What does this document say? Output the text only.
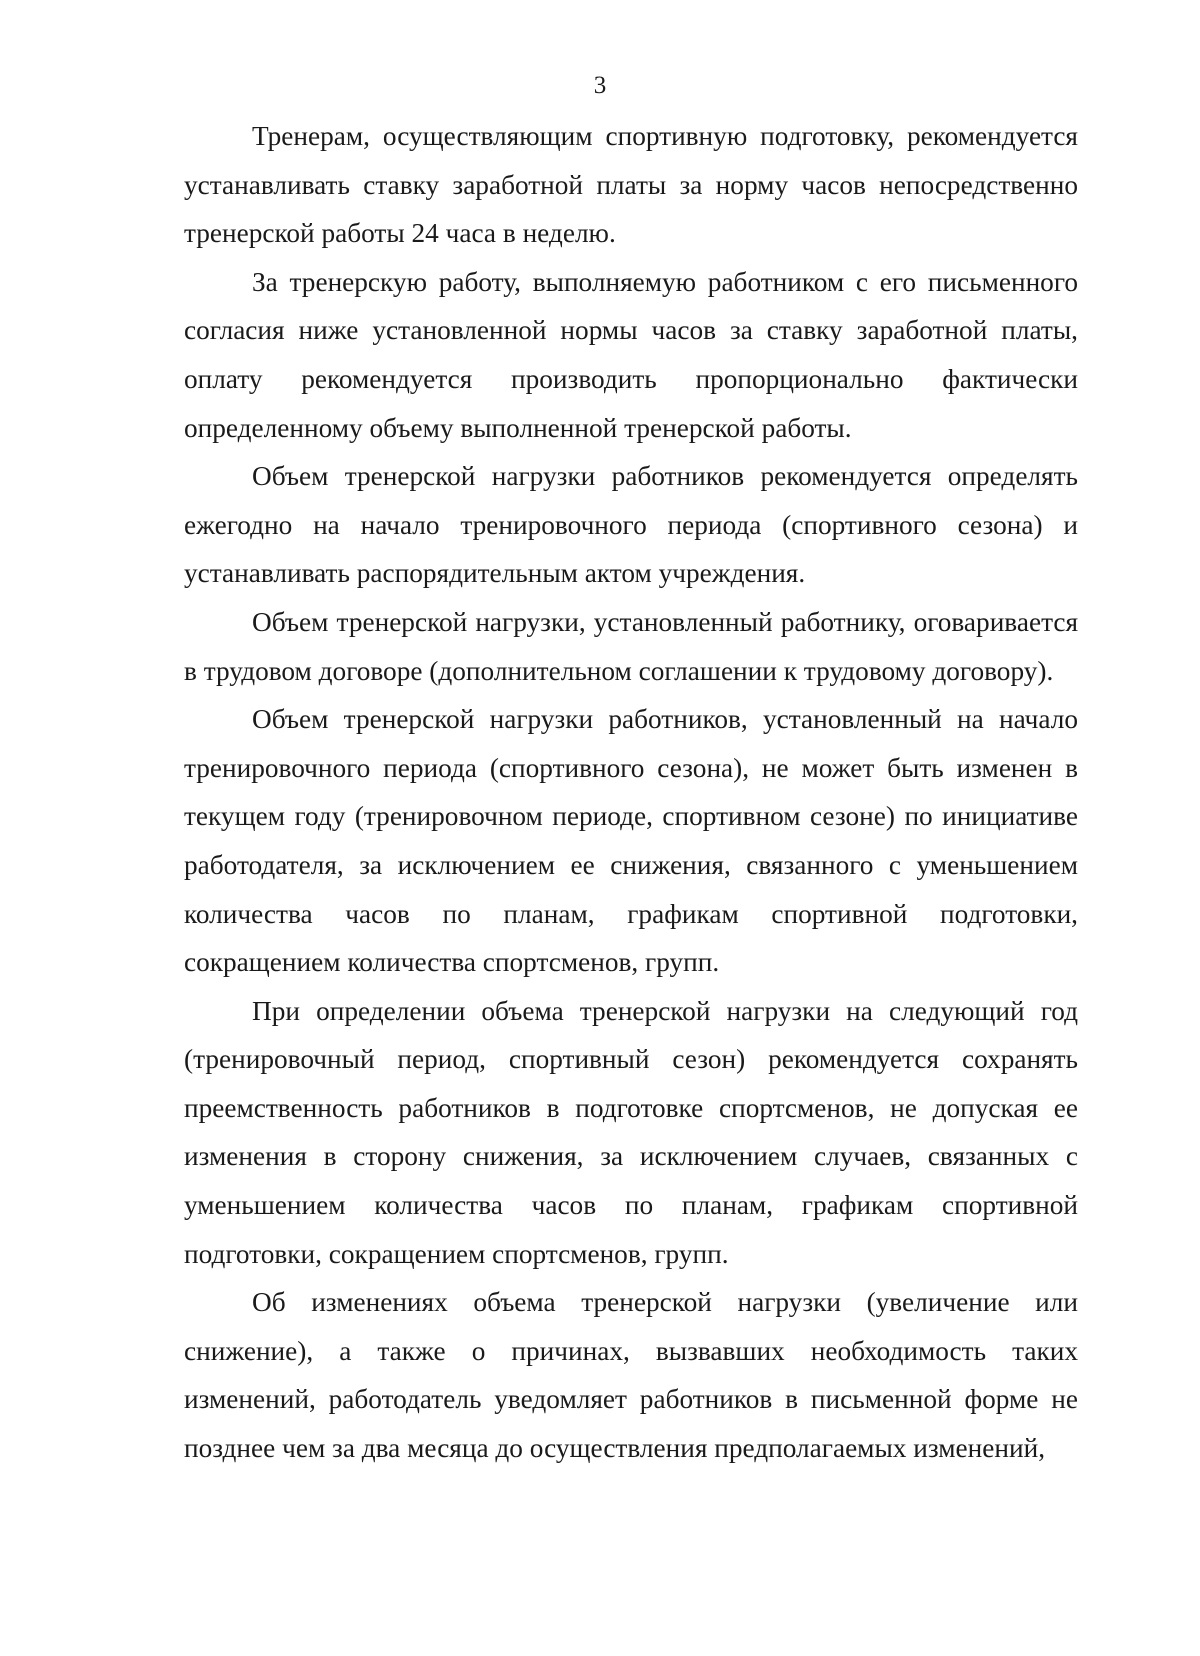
3

Тренерам, осуществляющим спортивную подготовку, рекомендуется устанавливать ставку заработной платы за норму часов непосредственно тренерской работы 24 часа в неделю.

За тренерскую работу, выполняемую работником с его письменного согласия ниже установленной нормы часов за ставку заработной платы, оплату рекомендуется производить пропорционально фактически определенному объему выполненной тренерской работы.

Объем тренерской нагрузки работников рекомендуется определять ежегодно на начало тренировочного периода (спортивного сезона) и устанавливать распорядительным актом учреждения.

Объем тренерской нагрузки, установленный работнику, оговаривается в трудовом договоре (дополнительном соглашении к трудовому договору).

Объем тренерской нагрузки работников, установленный на начало тренировочного периода (спортивного сезона), не может быть изменен в текущем году (тренировочном периоде, спортивном сезоне) по инициативе работодателя, за исключением ее снижения, связанного с уменьшением количества часов по планам, графикам спортивной подготовки, сокращением количества спортсменов, групп.

При определении объема тренерской нагрузки на следующий год (тренировочный период, спортивный сезон) рекомендуется сохранять преемственность работников в подготовке спортсменов, не допуская ее изменения в сторону снижения, за исключением случаев, связанных с уменьшением количества часов по планам, графикам спортивной подготовки, сокращением спортсменов, групп.

Об изменениях объема тренерской нагрузки (увеличение или снижение), а также о причинах, вызвавших необходимость таких изменений, работодатель уведомляет работников в письменной форме не позднее чем за два месяца до осуществления предполагаемых изменений,
